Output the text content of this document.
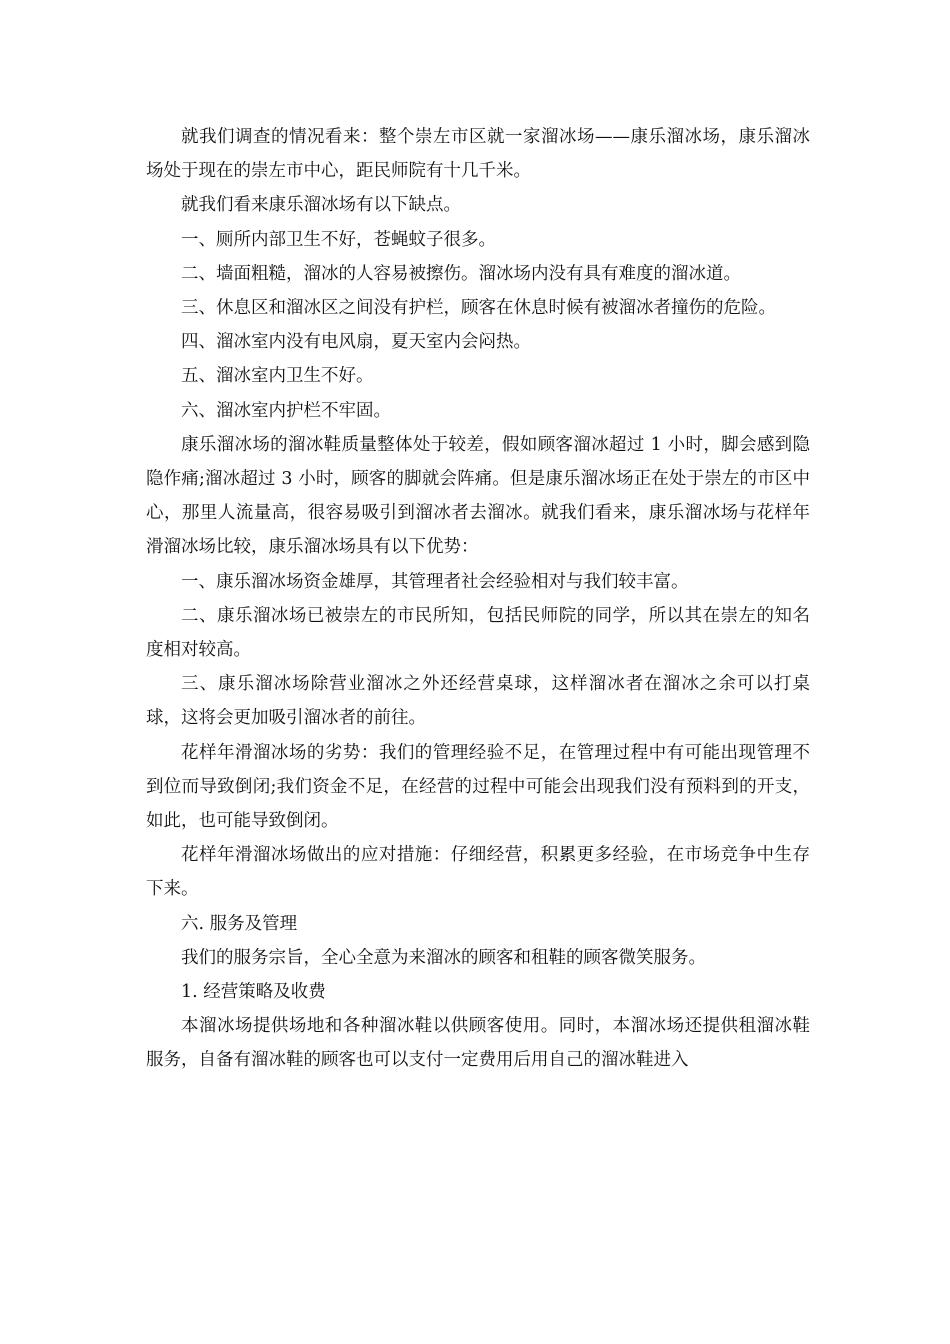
就我们调查的情况看来：整个崇左市区就一家溜冰场——康乐溜冰场，康乐溜冰场处于现在的崇左市中心，距民师院有十几千米。

就我们看来康乐溜冰场有以下缺点。

一、厕所内部卫生不好，苍蝇蚊子很多。

二、墙面粗糙，溜冰的人容易被擦伤。溜冰场内没有具有难度的溜冰道。

三、休息区和溜冰区之间没有护栏，顾客在休息时候有被溜冰者撞伤的危险。

四、溜冰室内没有电风扇，夏天室内会闷热。

五、溜冰室内卫生不好。

六、溜冰室内护栏不牢固。

康乐溜冰场的溜冰鞋质量整体处于较差，假如顾客溜冰超过 1 小时，脚会感到隐隐作痛;溜冰超过 3 小时，顾客的脚就会阵痛。但是康乐溜冰场正在处于崇左的市区中心，那里人流量高，很容易吸引到溜冰者去溜冰。就我们看来，康乐溜冰场与花样年滑溜冰场比较，康乐溜冰场具有以下优势：

一、康乐溜冰场资金雄厚，其管理者社会经验相对与我们较丰富。

二、康乐溜冰场已被崇左的市民所知，包括民师院的同学，所以其在崇左的知名度相对较高。

三、康乐溜冰场除营业溜冰之外还经营桌球，这样溜冰者在溜冰之余可以打桌球，这将会更加吸引溜冰者的前往。

花样年滑溜冰场的劣势：我们的管理经验不足，在管理过程中有可能出现管理不到位而导致倒闭;我们资金不足，在经营的过程中可能会出现我们没有预料到的开支，如此，也可能导致倒闭。

花样年滑溜冰场做出的应对措施：仔细经营，积累更多经验，在市场竞争中生存下来。

六. 服务及管理

我们的服务宗旨，全心全意为来溜冰的顾客和租鞋的顾客微笑服务。

1. 经营策略及收费

本溜冰场提供场地和各种溜冰鞋以供顾客使用。同时，本溜冰场还提供租溜冰鞋服务，自备有溜冰鞋的顾客也可以支付一定费用后用自己的溜冰鞋进入
